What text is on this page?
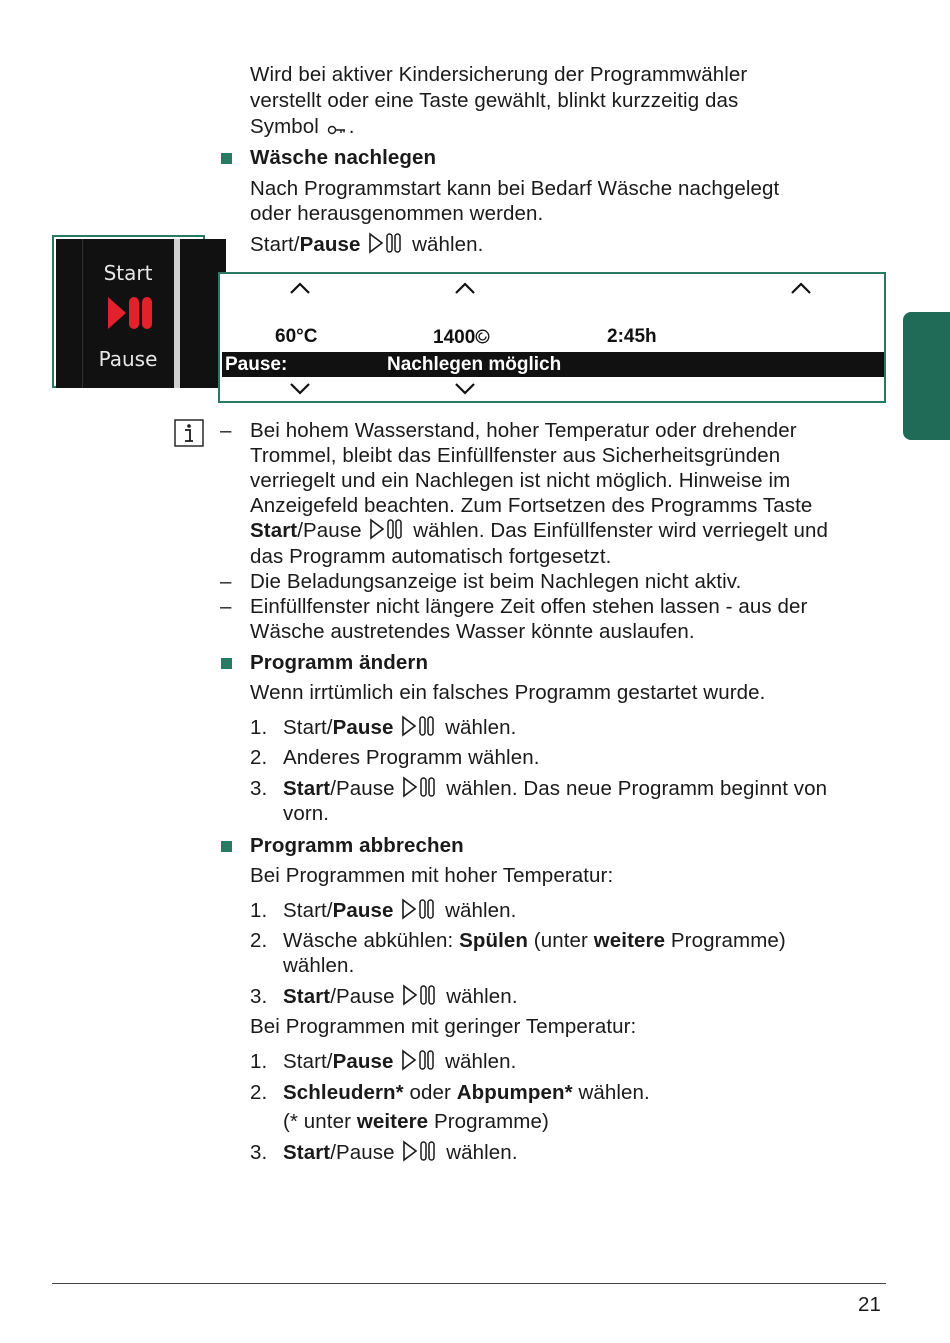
Wird bei aktiver Kindersicherung der Programmwähler
verstellt oder eine Taste gewählt, blinkt kurzzeitig das
Symbol .
Wäsche nachlegen
Nach Programmstart kann bei Bedarf Wäsche nachgelegt
oder herausgenommen werden.
Start/Pause	wählen.
Start
Pause
60°C	1400	2:45h
Pause:	Nachlegen möglich
– Bei hohem Wasserstand, hoher Temperatur oder drehender
Trommel, bleibt das Einfüllfenster aus Sicherheitsgründen
verriegelt und ein Nachlegen ist nicht möglich. Hinweise im
Anzeigefeld beachten. Zum Fortsetzen des Programms Taste
Start/Pause	wählen. Das Einfüllfenster wird verriegelt und
das Programm automatisch fortgesetzt.
– Die Beladungsanzeige ist beim Nachlegen nicht aktiv.
– Einfüllfenster nicht längere Zeit offen stehen lassen - aus der
Wäsche austretendes Wasser könnte auslaufen.
Programm ändern
Wenn irrtümlich ein falsches Programm gestartet wurde.
1. Start/Pause	wählen.
2. Anderes Programm wählen.
3. Start/Pause	wählen. Das neue Programm beginnt von
vorn.
Programm abbrechen
Bei Programmen mit hoher Temperatur:
1. Start/Pause	wählen.
2. Wäsche abkühlen: Spülen (unter weitere Programme)
wählen.
3. Start/Pause	wählen.
Bei Programmen mit geringer Temperatur:
1. Start/Pause	wählen.
2. Schleudern* oder Abpumpen* wählen.
(* unter weitere Programme)
3. Start/Pause	wählen.
21
